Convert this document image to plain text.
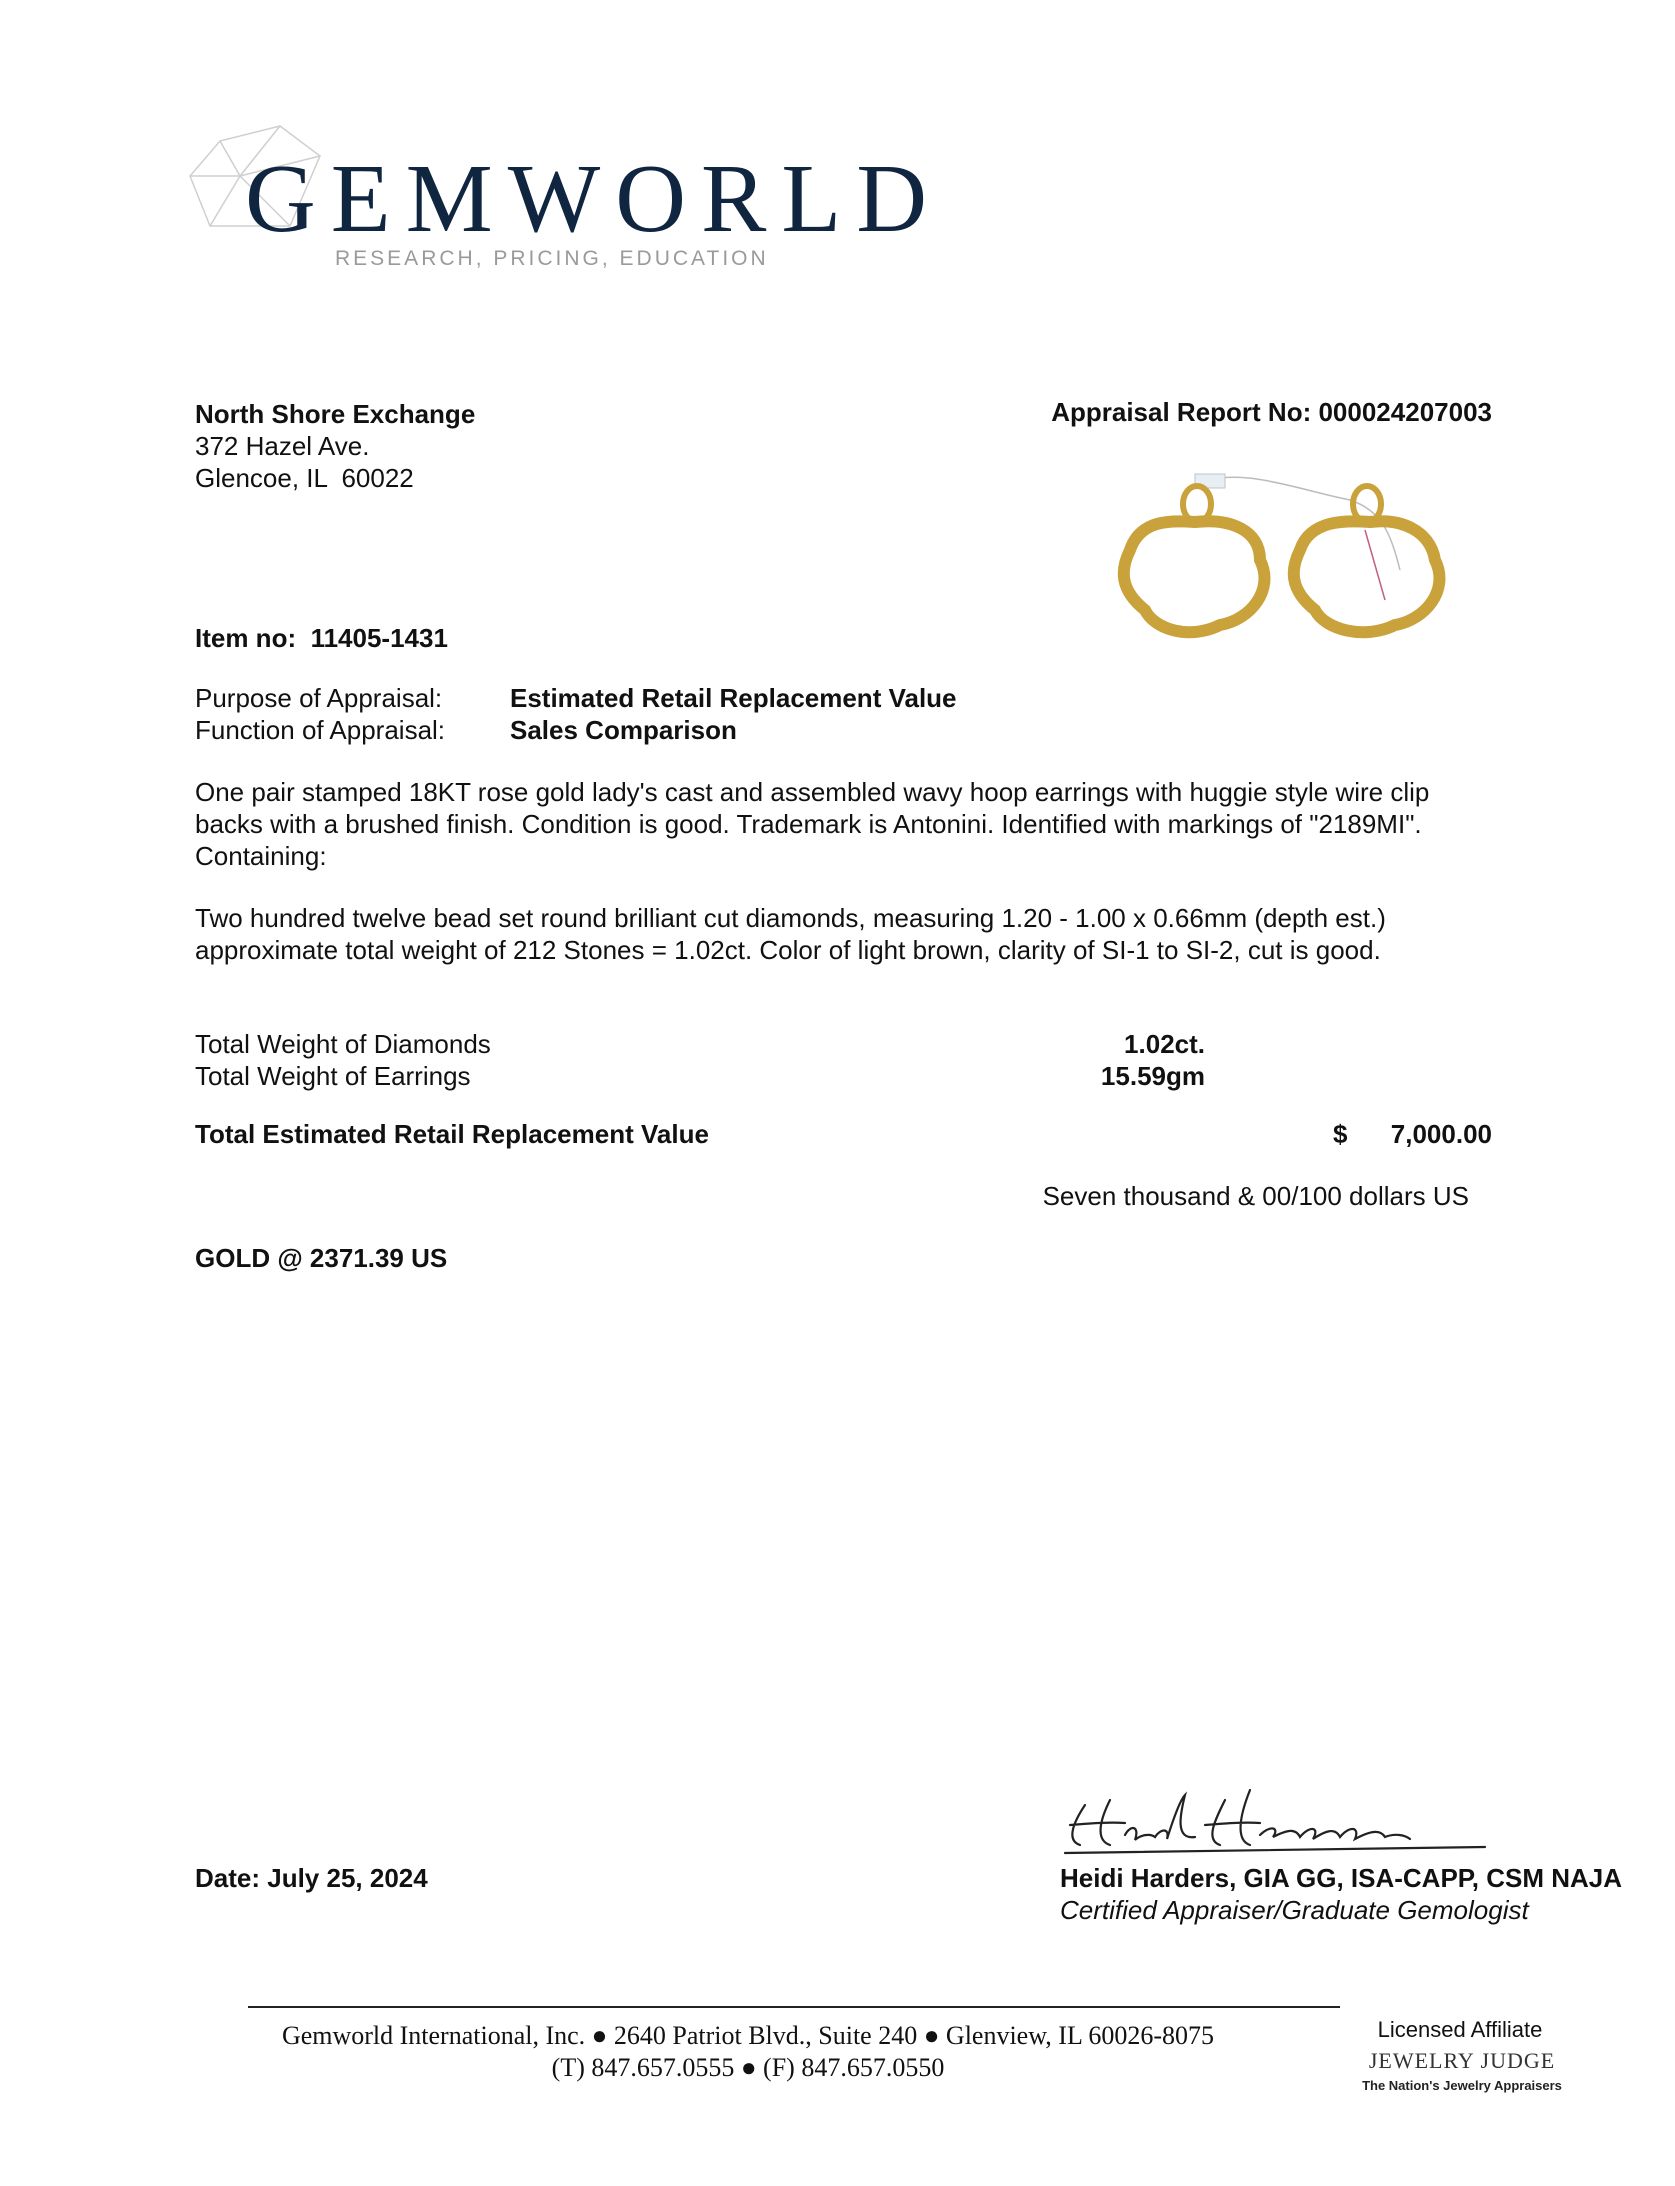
GEMWORLD
RESEARCH, PRICING, EDUCATION
North Shore Exchange
372 Hazel Ave.
Glencoe, IL  60022
Appraisal Report No: 000024207003
Item no: 11405-1431
Purpose of Appraisal:	Estimated Retail Replacement Value
Function of Appraisal:	Sales Comparison
One pair stamped 18KT rose gold lady's cast and assembled wavy hoop earrings with huggie style wire clip backs with a brushed finish. Condition is good. Trademark is Antonini. Identified with markings of "2189MI". Containing:
Two hundred twelve bead set round brilliant cut diamonds, measuring 1.20 - 1.00 x 0.66mm (depth est.) approximate total weight of 212 Stones = 1.02ct. Color of light brown, clarity of SI-1 to SI-2, cut is good.
Total Weight of Diamonds	1.02ct.
Total Weight of Earrings	15.59gm
Total Estimated Retail Replacement Value	$ 7,000.00
Seven thousand & 00/100 dollars US
GOLD @ 2371.39 US
Date: July 25, 2024	Heidi Harders, GIA GG, ISA-CAPP, CSM NAJA
Certified Appraiser/Graduate Gemologist
Gemworld International, Inc. ● 2640 Patriot Blvd., Suite 240 ● Glenview, IL 60026-8075
(T) 847.657.0555 ● (F) 847.657.0550
Licensed Affiliate
JEWELRY JUDGE
The Nation's Jewelry Appraisers
